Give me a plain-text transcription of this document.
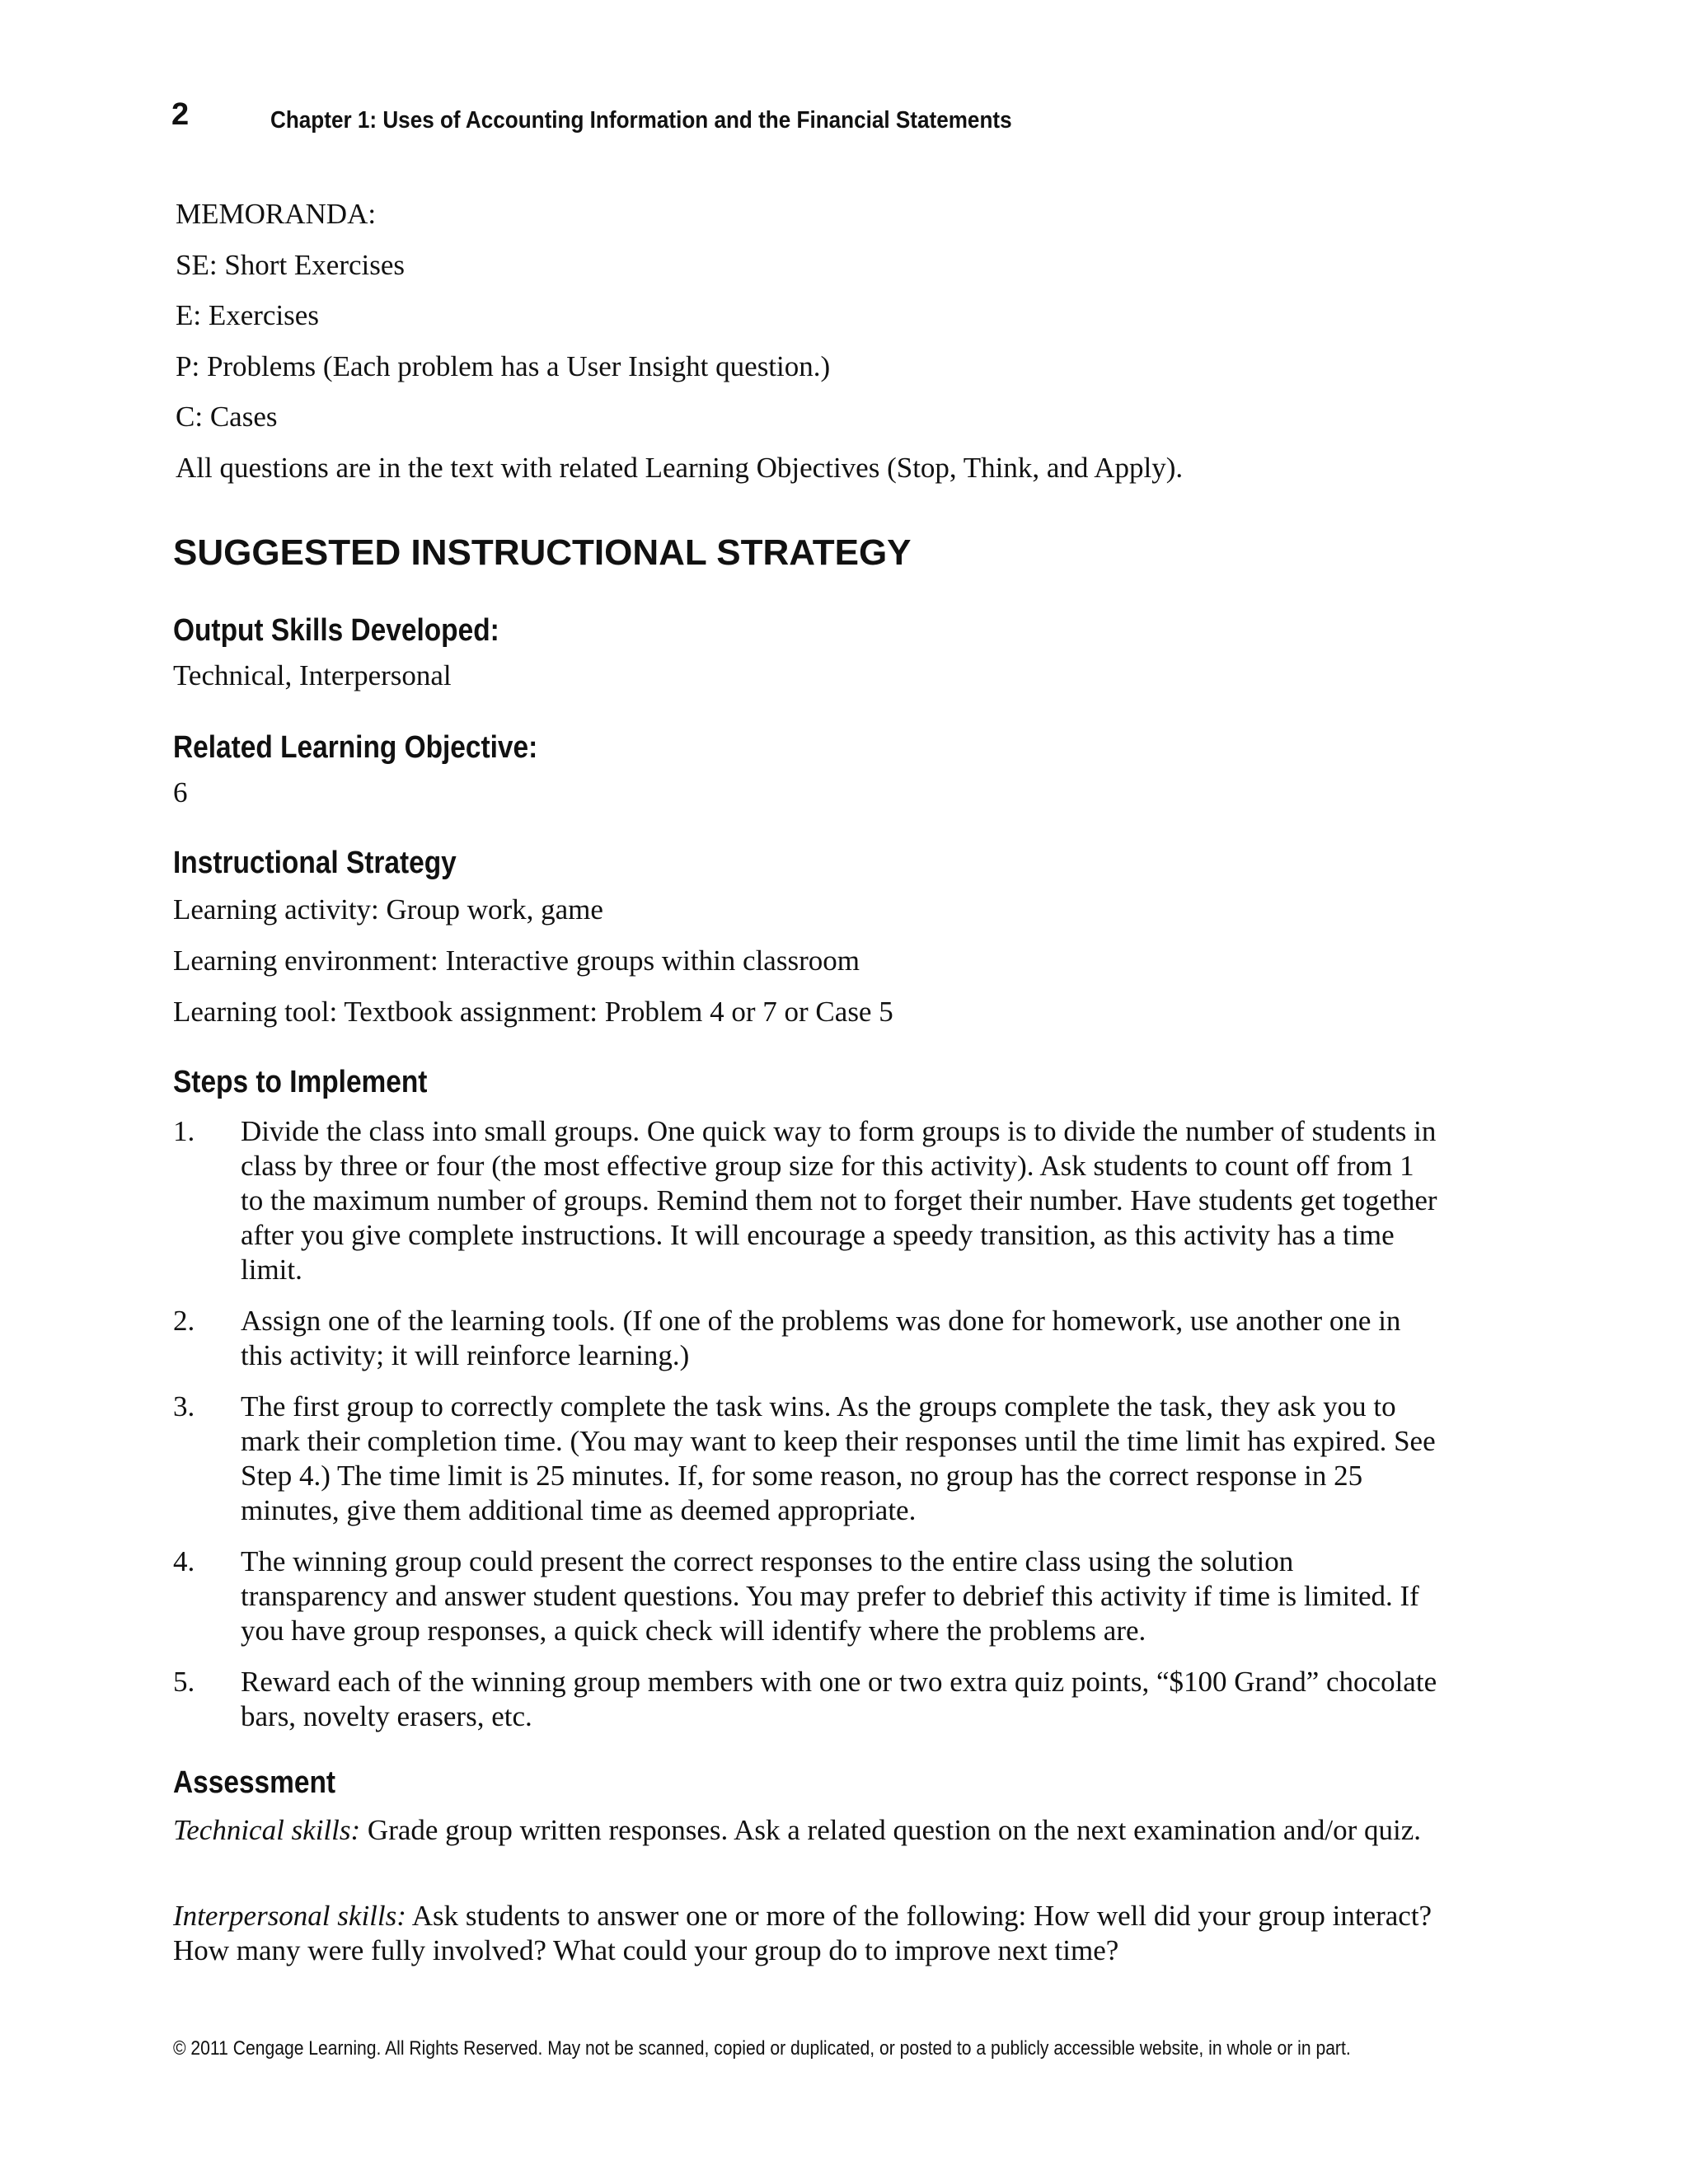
2	Chapter 1: Uses of Accounting Information and the Financial Statements
MEMORANDA:
SE: Short Exercises
E: Exercises
P: Problems (Each problem has a User Insight question.)
C: Cases
All questions are in the text with related Learning Objectives (Stop, Think, and Apply).
SUGGESTED INSTRUCTIONAL STRATEGY
Output Skills Developed:
Technical, Interpersonal
Related Learning Objective:
6
Instructional Strategy
Learning activity: Group work, game
Learning environment: Interactive groups within classroom
Learning tool: Textbook assignment: Problem 4 or 7 or Case 5
Steps to Implement
1. Divide the class into small groups. One quick way to form groups is to divide the number of students in class by three or four (the most effective group size for this activity). Ask students to count off from 1 to the maximum number of groups. Remind them not to forget their number. Have students get together after you give complete instructions. It will encourage a speedy transition, as this activity has a time limit.
2. Assign one of the learning tools. (If one of the problems was done for homework, use another one in this activity; it will reinforce learning.)
3. The first group to correctly complete the task wins. As the groups complete the task, they ask you to mark their completion time. (You may want to keep their responses until the time limit has expired. See Step 4.) The time limit is 25 minutes. If, for some reason, no group has the correct response in 25 minutes, give them additional time as deemed appropriate.
4. The winning group could present the correct responses to the entire class using the solution transparency and answer student questions. You may prefer to debrief this activity if time is limited. If you have group responses, a quick check will identify where the problems are.
5. Reward each of the winning group members with one or two extra quiz points, “$100 Grand” chocolate bars, novelty erasers, etc.
Assessment
Technical skills: Grade group written responses. Ask a related question on the next examination and/or quiz.
Interpersonal skills: Ask students to answer one or more of the following: How well did your group interact? How many were fully involved? What could your group do to improve next time?
© 2011 Cengage Learning. All Rights Reserved. May not be scanned, copied or duplicated, or posted to a publicly accessible website, in whole or in part.
